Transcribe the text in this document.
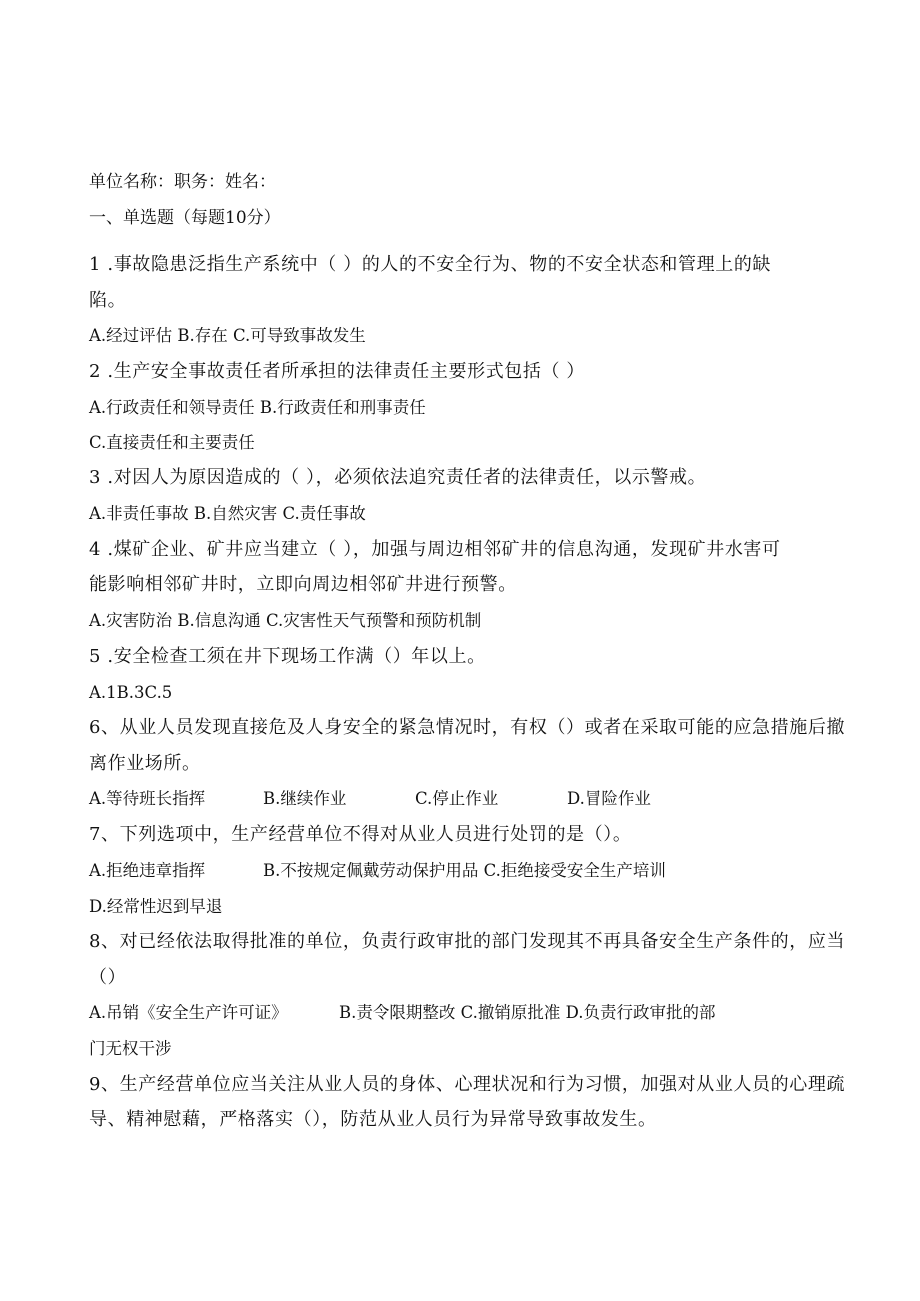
单位名称：职务：姓名：
一、单选题（每题10分）
1 .事故隐患泛指生产系统中（ ）的人的不安全行为、物的不安全状态和管理上的缺
陷。
A.经过评估 B.存在 C.可导致事故发生
2 .生产安全事故责任者所承担的法律责任主要形式包括（ ）
A.行政责任和领导责任 B.行政责任和刑事责任
C.直接责任和主要责任
3 .对因人为原因造成的（ ），必须依法追究责任者的法律责任，以示警戒。
A.非责任事故 B.自然灾害 C.责任事故
4 .煤矿企业、矿井应当建立（ ），加强与周边相邻矿井的信息沟通，发现矿井水害可
能影响相邻矿井时，立即向周边相邻矿井进行预警。
A.灾害防治 B.信息沟通 C.灾害性天气预警和预防机制
5 .安全检查工须在井下现场工作满（）年以上。
A.1B.3C.5
6、从业人员发现直接危及人身安全的紧急情况时，有权（）或者在采取可能的应急措施后撤
离作业场所。
A.等待班长指挥	B.继续作业	C.停止作业	D.冒险作业
7、下列选项中，生产经营单位不得对从业人员进行处罚的是（）。
A.拒绝违章指挥	B.不按规定佩戴劳动保护用品 C.拒绝接受安全生产培训
D.经常性迟到早退
8、对已经依法取得批准的单位，负责行政审批的部门发现其不再具备安全生产条件的，应当
（）
A.吊销《安全生产许可证》	B.责令限期整改 C.撤销原批准 D.负责行政审批的部
门无权干涉
9、生产经营单位应当关注从业人员的身体、心理状况和行为习惯，加强对从业人员的心理疏
导、精神慰藉，严格落实（），防范从业人员行为异常导致事故发生。
